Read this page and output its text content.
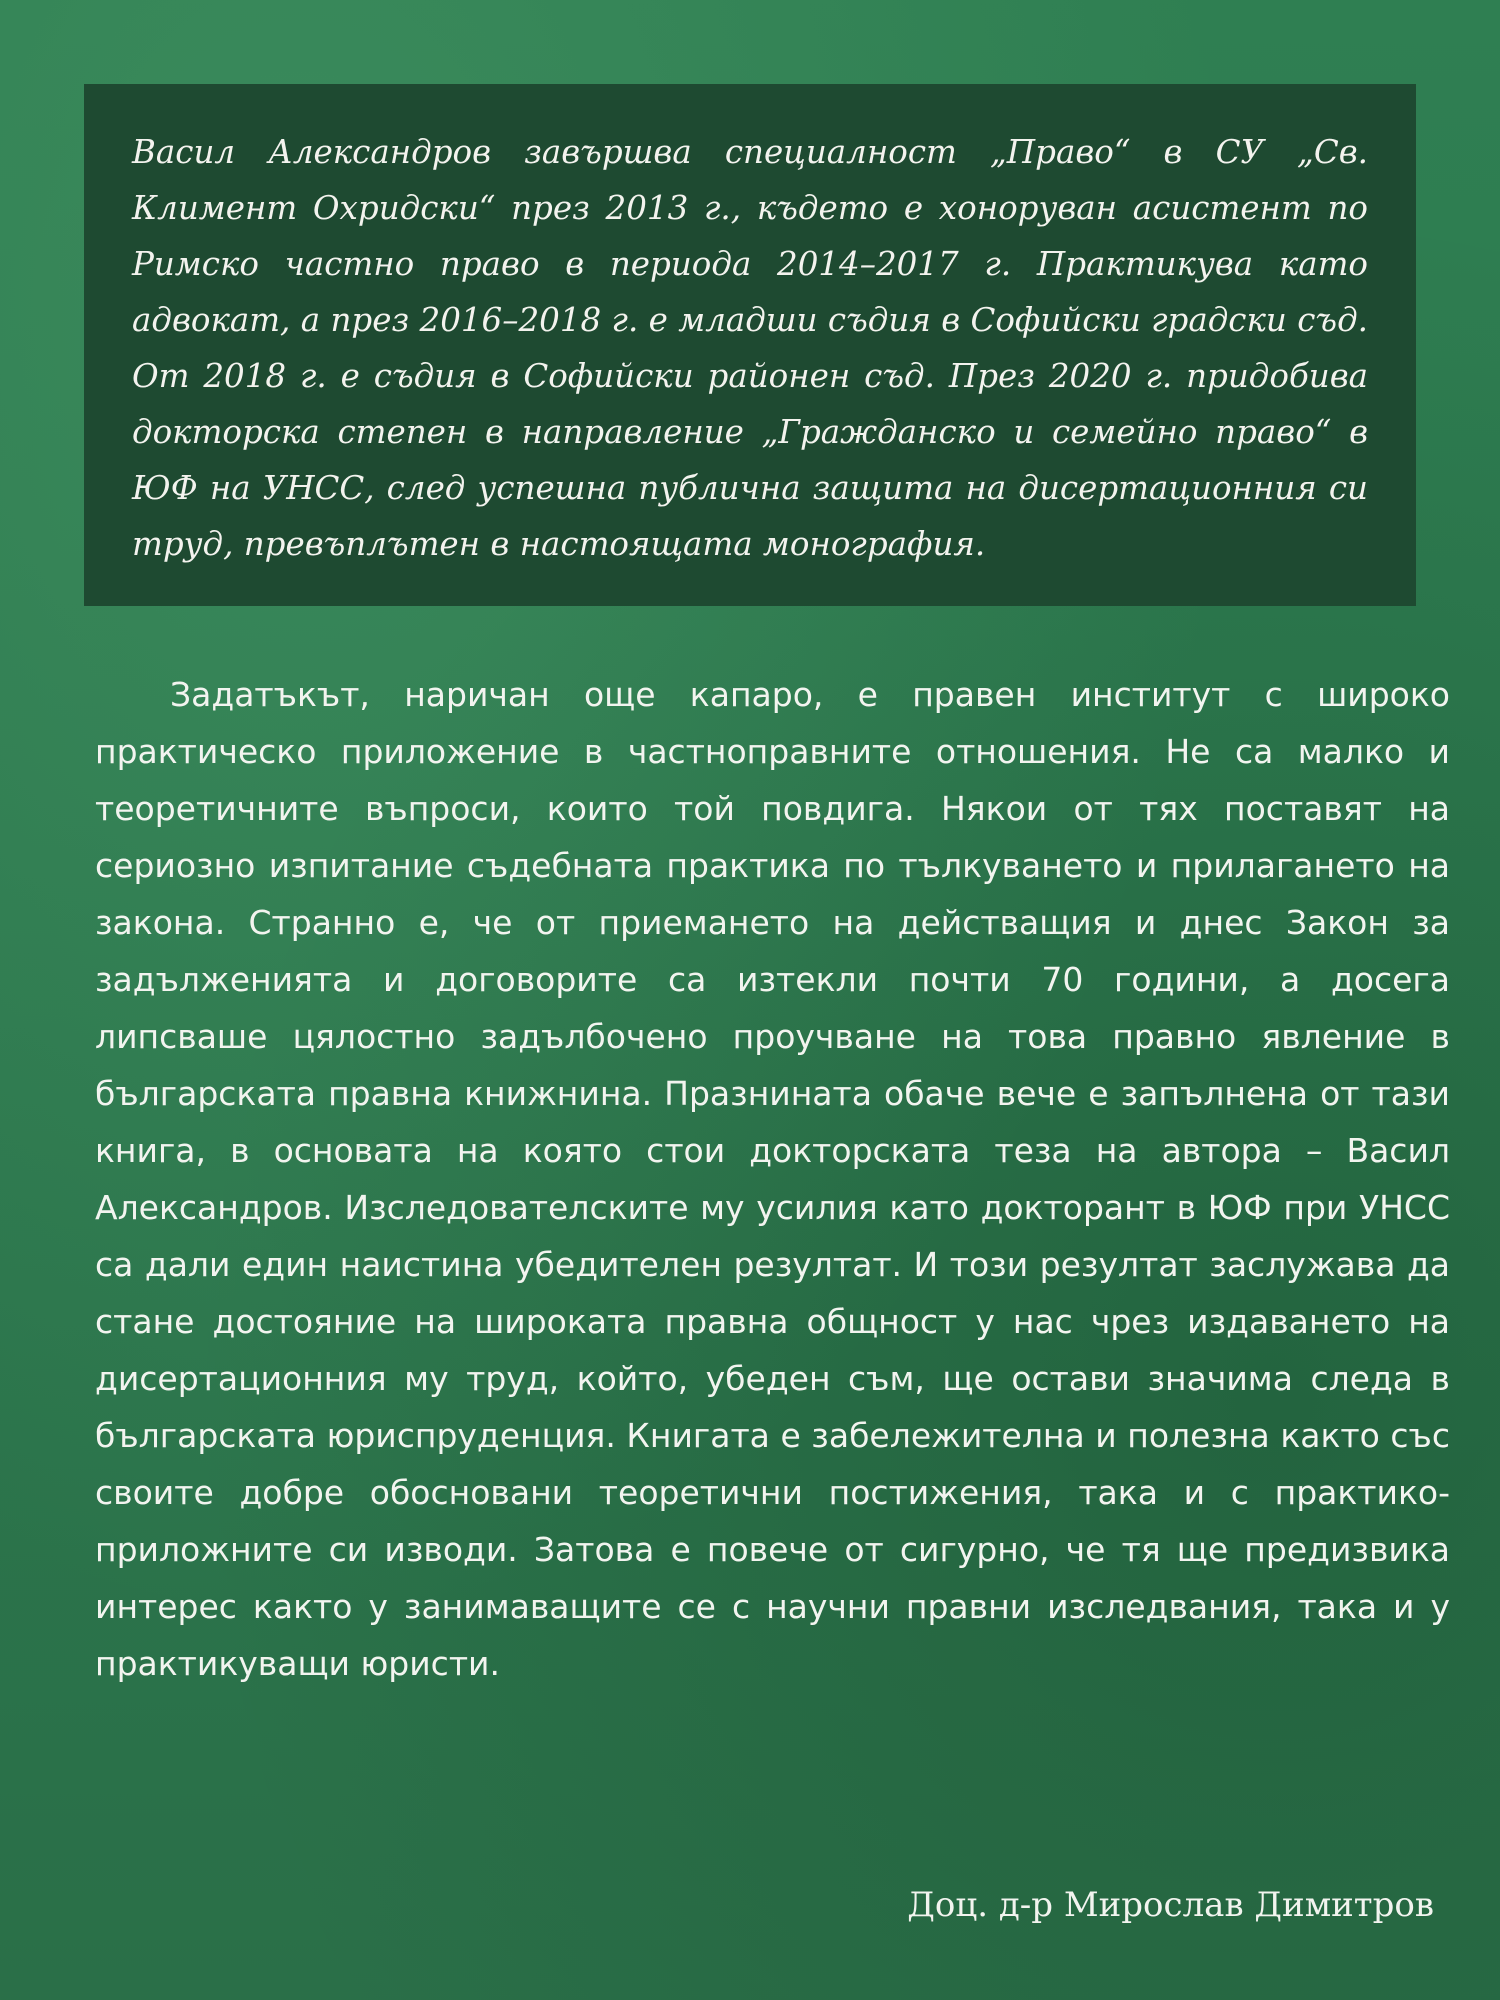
Васил Александров завършва специалност „Право“ в СУ „Св. Климент Охридски“ през 2013 г., където е хоноруван асистент по Римско частно право в периода 2014–2017 г. Практикува като адвокат, а през 2016–2018 г. е младши съдия в Софийски градски съд. От 2018 г. е съдия в Софийски районен съд. През 2020 г. придобива докторска степен в направление „Гражданско и семейно право“ в ЮФ на УНСС, след успешна публична защита на дисертационния си труд, превъплътен в настоящата монография.

Задатъкът, наричан още капаро, е правен институт с широко практическо приложение в частноправните отношения. Не са малко и теоретичните въпроси, които той повдига. Някои от тях поставят на сериозно изпитание съдебната практика по тълкуването и прилагането на закона. Странно е, че от приемането на действащия и днес Закон за задълженията и договорите са изтекли почти 70 години, а досега липсваше цялостно задълбочено проучване на това правно явление в българската правна книжнина. Празнината обаче вече е запълнена от тази книга, в основата на която стои докторската теза на автора – Васил Александров. Изследователските му усилия като докторант в ЮФ при УНСС са дали един наистина убедителен резултат. И този резултат заслужава да стане достояние на широката правна общност у нас чрез издаването на дисертационния му труд, който, убеден съм, ще остави значима следа в българската юриспруденция. Книгата е забележителна и полезна както със своите добре обосновани теоретични постижения, така и с практико-приложните си изводи. Затова е повече от сигурно, че тя ще предизвика интерес както у занимаващите се с научни правни изследвания, така и у практикуващи юристи.

Доц. д-р Мирослав Димитров
